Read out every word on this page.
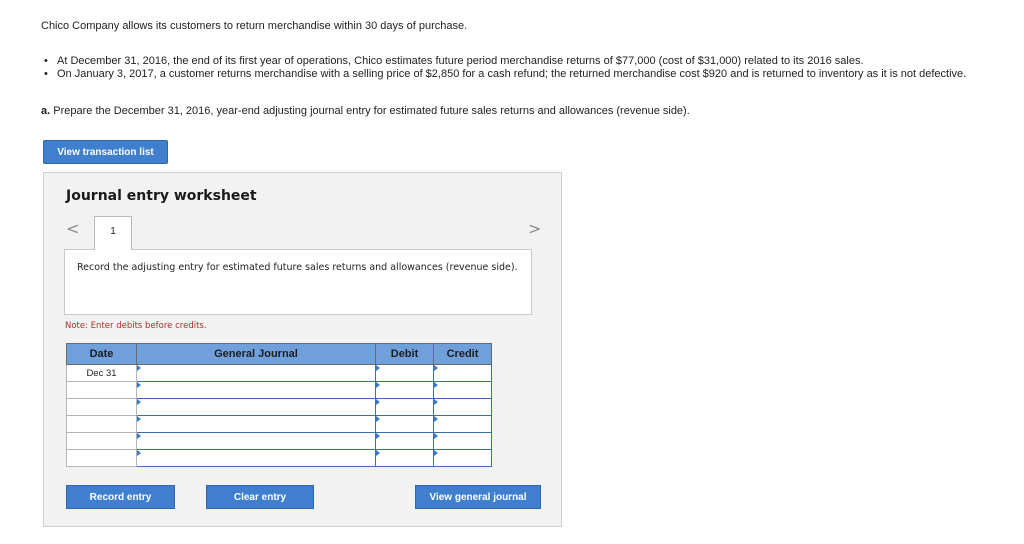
Chico Company allows its customers to return merchandise within 30 days of purchase.
• At December 31, 2016, the end of its first year of operations, Chico estimates future period merchandise returns of $77,000 (cost of $31,000) related to its 2016 sales.
• On January 3, 2017, a customer returns merchandise with a selling price of $2,850 for a cash refund; the returned merchandise cost $920 and is returned to inventory as it is not defective.
a. Prepare the December 31, 2016, year-end adjusting journal entry for estimated future sales returns and allowances (revenue side).
View transaction list
Journal entry worksheet
<	>
1
Record the adjusting entry for estimated future sales returns and allowances (revenue side).
Note: Enter debits before credits.
Date	General Journal	Debit	Credit
Dec 31			

Record entry	Clear entry	View general journal
